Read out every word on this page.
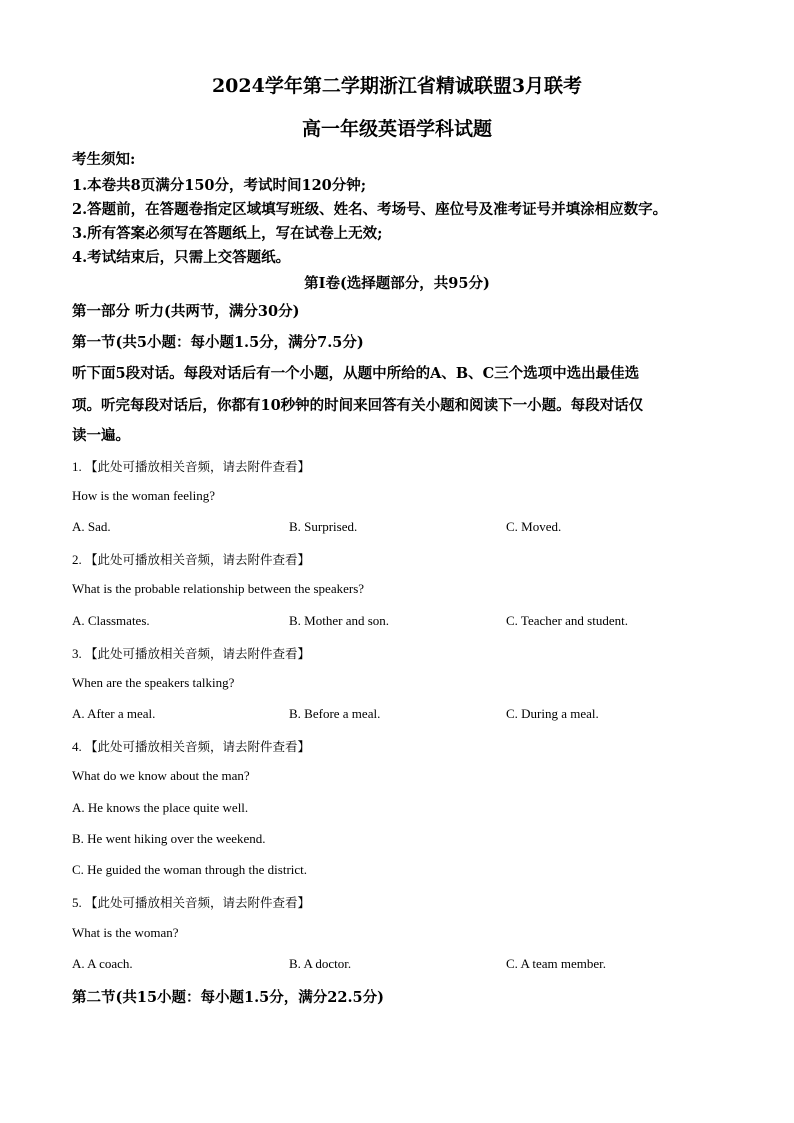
2024学年第二学期浙江省精诚联盟3月联考
高一年级英语学科试题
考生须知:
1.本卷共8页满分150分，考试时间120分钟;
2.答题前，在答题卷指定区域填写班级、姓名、考场号、座位号及准考证号并填涂相应数字。
3.所有答案必须写在答题纸上，写在试卷上无效;
4.考试结束后，只需上交答题纸。
第Ⅰ卷(选择题部分，共95分)
第一部分 听力(共两节，满分30分)
第一节(共5小题：每小题1.5分，满分7.5分)
听下面5段对话。每段对话后有一个小题，从题中所给的A、B、C三个选项中选出最佳选
项。听完每段对话后，你都有10秒钟的时间来回答有关小题和阅读下一小题。每段对话仅
读一遍。
1. 【此处可播放相关音频，请去附件查看】
How is the woman feeling?
A. Sad.	B. Surprised.	C. Moved.
2. 【此处可播放相关音频，请去附件查看】
What is the probable relationship between the speakers?
A. Classmates.	B. Mother and son.	C. Teacher and student.
3. 【此处可播放相关音频，请去附件查看】
When are the speakers talking?
A. After a meal.	B. Before a meal.	C. During a meal.
4. 【此处可播放相关音频，请去附件查看】
What do we know about the man?
A. He knows the place quite well.
B. He went hiking over the weekend.
C. He guided the woman through the district.
5. 【此处可播放相关音频，请去附件查看】
What is the woman?
A. A coach.	B. A doctor.	C. A team member.
第二节(共15小题：每小题1.5分，满分22.5分)
